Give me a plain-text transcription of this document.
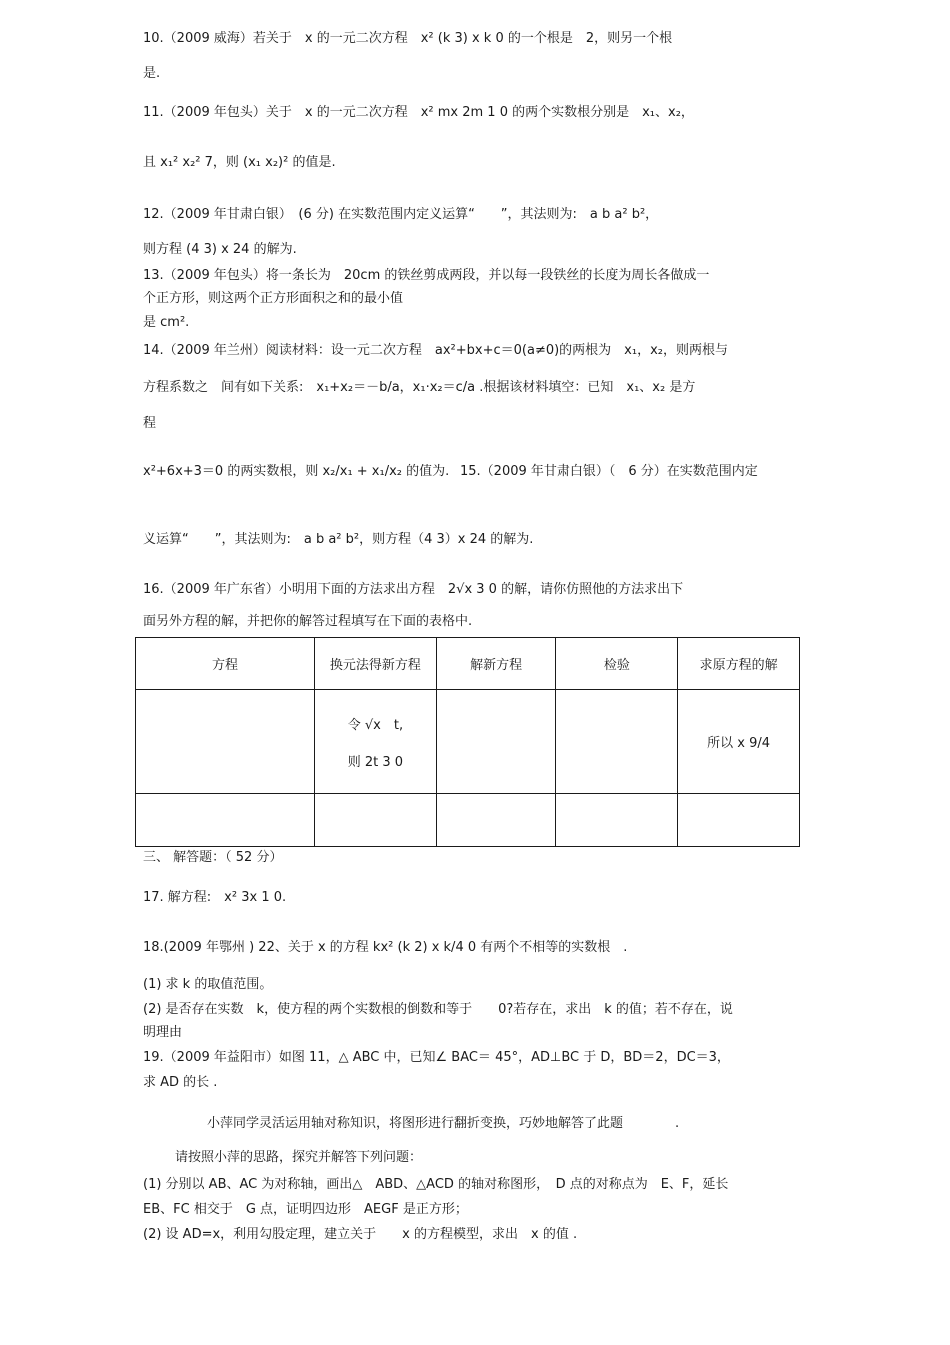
10.（2009 威海）若关于　x 的一元二次方程　x² (k 3) x k 0 的一个根是　2，则另一个根
是.
11.（2009 年包头）关于　x 的一元二次方程　x² mx 2m 1 0 的两个实数根分别是　x₁、x₂，
且 x₁² x₂² 7，则 (x₁ x₂)² 的值是.
12.（2009 年甘肃白银）　(6 分) 在实数范围内定义运算“　　”，其法则为:　a b a² b²，
则方程 (4 3) x 24 的解为.
13.（2009 年包头）将一条长为　20cm 的铁丝剪成两段，并以每一段铁丝的长度为周长各做成一
个正方形，则这两个正方形面积之和的最小值
是 cm².
14.（2009 年兰州）阅读材料：设一元二次方程　ax²+bx+c＝0(a≠0)的两根为　x₁，x₂，则两根与
方程系数之　间有如下关系:　x₁+x₂＝－b/a，x₁·x₂＝c/a .根据该材料填空：已知　x₁、x₂ 是方
程
x²+6x+3＝0 的两实数根，则 x₂/x₁ + x₁/x₂ 的值为. 15.（2009 年甘肃白银）（　6 分）在实数范围内定
义运算“　　”，其法则为:　a b a² b²，则方程（4 3）x 24 的解为.
16.（2009 年广东省）小明用下面的方法求出方程　2√x 3 0 的解，请你仿照他的方法求出下
面另外方程的解，并把你的解答过程填写在下面的表格中.
方程	换元法得新方程	解新方程	检验	求原方程的解

	令 √x　t,
则 2t 3 0			所以 x 9/4

三、 解答题：（ 52 分）
17. 解方程:　x² 3x 1 0.
18.(2009 年鄂州 ) 22、关于 x 的方程 kx² (k 2) x k/4 0 有两个不相等的实数根　.
(1) 求 k 的取值范围。
(2) 是否存在实数　k，使方程的两个实数根的倒数和等于　　0?若存在，求出　k 的值；若不存在，说
明理由
19.（2009 年益阳市）如图 11，△ ABC 中，已知∠ BAC＝ 45°，AD⊥BC 于 D，BD＝2，DC＝3，
求 AD 的长 .
小萍同学灵活运用轴对称知识，将图形进行翻折变换，巧妙地解答了此题　　　　.
请按照小萍的思路，探究并解答下列问题：
(1) 分别以 AB、AC 为对称轴，画出△　ABD、△ACD 的轴对称图形，　D 点的对称点为　E、F，延长
EB、FC 相交于　G 点，证明四边形　AEGF 是正方形；
(2) 设 AD=x，利用勾股定理，建立关于　　x 的方程模型，求出　x 的值 .
